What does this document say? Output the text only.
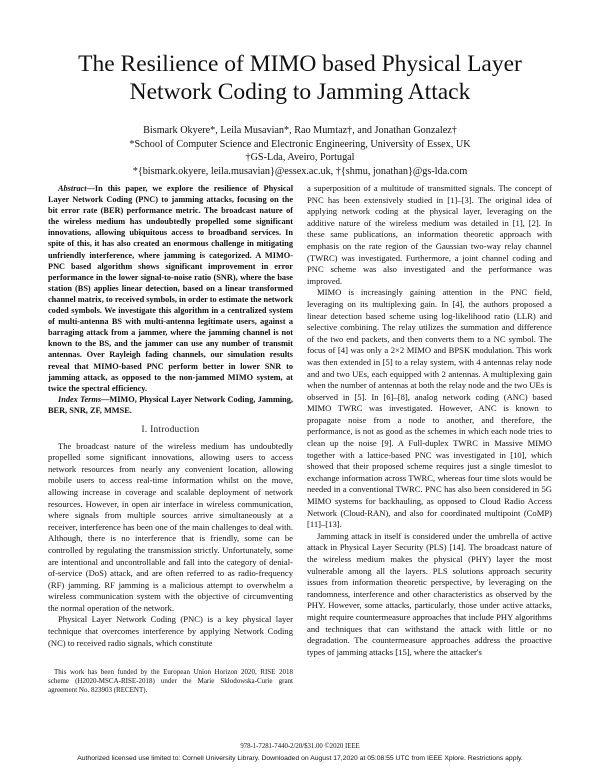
The Resilience of MIMO based Physical Layer
Network Coding to Jamming Attack
Bismark Okyere*, Leila Musavian*, Rao Mumtaz†, and Jonathan Gonzalez†
*School of Computer Science and Electronic Engineering, University of Essex, UK
†GS-Lda, Aveiro, Portugal
*{bismark.okyere, leila.musavian}@essex.ac.uk, †{shmu, jonathan}@gs-lda.com

Abstract—In this paper, we explore the resilience of Physical Layer Network Coding (PNC) to jamming attacks, focusing on the bit error rate (BER) performance metric. The broadcast nature of the wireless medium has undoubtedly propelled some significant innovations, allowing ubiquitous access to broadband services. In spite of this, it has also created an enormous challenge in mitigating unfriendly interference, where jamming is categorized. A MIMO-PNC based algorithm shows significant improvement in error performance in the lower signal-to-noise ratio (SNR), where the base station (BS) applies linear detection, based on a linear transformed channel matrix, to received symbols, in order to estimate the network coded symbols. We investigate this algorithm in a centralized system of multi-antenna BS with multi-antenna legitimate users, against a barraging attack from a jammer, where the jamming channel is not known to the BS, and the jammer can use any number of transmit antennas. Over Rayleigh fading channels, our simulation results reveal that MIMO-based PNC perform better in lower SNR to jamming attack, as opposed to the non-jammed MIMO system, at twice the spectral efficiency.

Index Terms—MIMO, Physical Layer Network Coding, Jamming, BER, SNR, ZF, MMSE.

I. Introduction

The broadcast nature of the wireless medium has undoubtedly propelled some significant innovations, allowing users to access network resources from nearly any convenient location, allowing mobile users to access real-time information whilst on the move, allowing increase in coverage and scalable deployment of network resources. However, in open air interface in wireless communication, where signals from multiple sources arrive simultaneously at a receiver, interference has been one of the main challenges to deal with. Although, there is no interference that is friendly, some can be controlled by regulating the transmission strictly. Unfortunately, some are intentional and uncontrollable and fall into the category of denial-of-service (DoS) attack, and are often referred to as radio-frequency (RF) jamming. RF jamming is a malicious attempt to overwhelm a wireless communication system with the objective of circumventing the normal operation of the network.

Physical Layer Network Coding (PNC) is a key physical layer technique that overcomes interference by applying Network Coding (NC) to received radio signals, which constitute

This work has been funded by the European Union Horizon 2020, RISE 2018 scheme (H2020-MSCA-RISE-2018) under the Marie Skłodowska-Curie grant agreement No. 823903 (RECENT).

a superposition of a multitude of transmitted signals. The concept of PNC has been extensively studied in [1]–[3]. The original idea of applying network coding at the physical layer, leveraging on the additive nature of the wireless medium was detailed in [1], [2]. In these same publications, an information theoretic approach with emphasis on the rate region of the Gaussian two-way relay channel (TWRC) was investigated. Furthermore, a joint channel coding and PNC scheme was also investigated and the performance was improved.

MIMO is increasingly gaining attention in the PNC field, leveraging on its multiplexing gain. In [4], the authors proposed a linear detection based scheme using log-likelihood ratio (LLR) and selective combining. The relay utilizes the summation and difference of the two end packets, and then converts them to a NC symbol. The focus of [4] was only a 2×2 MIMO and BPSK modulation. This work was then extended in [5] to a relay system, with 4 antennas relay node and and two UEs, each equipped with 2 antennas. A multiplexing gain when the number of antennas at both the relay node and the two UEs is observed in [5]. In [6]–[8], analog network coding (ANC) based MIMO TWRC was investigated. However, ANC is known to propagate noise from a node to another, and therefore, the performance, is not as good as the schemes in which each node tries to clean up the noise [9]. A Full-duplex TWRC in Massive MIMO together with a lattice-based PNC was investigated in [10], which showed that their proposed scheme requires just a single timeslot to exchange information across TWRC, whereas four time slots would be needed in a conventional TWRC. PNC has also been considered in 5G MIMO systems for backhauling, as opposed to Cloud Radio Access Network (Cloud-RAN), and also for coordinated multipoint (CoMP) [11]–[13].

Jamming attack in itself is considered under the umbrella of active attack in Physical Layer Security (PLS) [14]. The broadcast nature of the wireless medium makes the physical (PHY) layer the most vulnerable among all the layers. PLS solutions approach security issues from information theoretic perspective, by leveraging on the randomness, interference and other characteristics as observed by the PHY. However, some attacks, particularly, those under active attacks, might require countermeasure approaches that include PHY algorithms and techniques that can withstand the attack with little or no degradation. The countermeasure approaches address the proactive types of jamming attacks [15], where the attacker's

978-1-7281-7440-2/20/$31.00 ©2020 IEEE
Authorized licensed use limited to: Cornell University Library. Downloaded on August 17,2020 at 05:08:55 UTC from IEEE Xplore. Restrictions apply.
